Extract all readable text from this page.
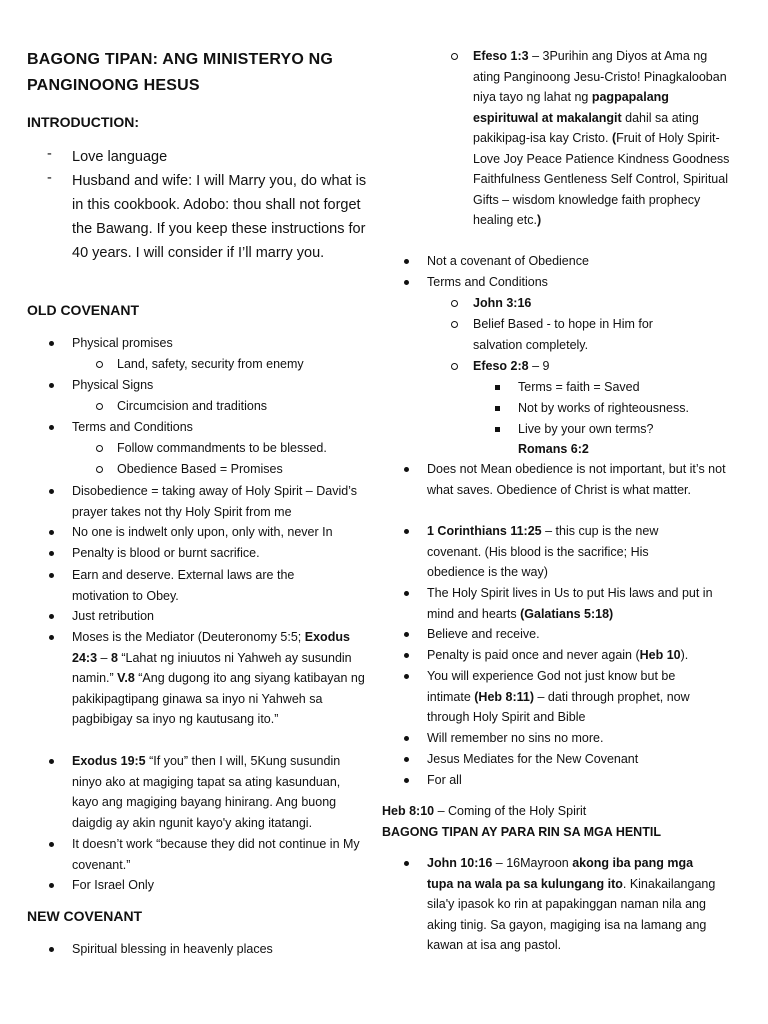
BAGONG TIPAN: ANG MINISTERYO NG PANGINOONG HESUS
INTRODUCTION:
- Love language
- Husband and wife: I will Marry you, do what is in this cookbook. Adobo: thou shall not forget the Bawang. If you keep these instructions for 40 years. I will consider if I’ll marry you.
OLD COVENANT
Physical promises
Land, safety, security from enemy
Physical Signs
Circumcision and traditions
Terms and Conditions
Follow commandments to be blessed.
Obedience Based = Promises
Disobedience = taking away of Holy Spirit – David’s prayer takes not thy Holy Spirit from me
No one is indwelt only upon, only with, never In
Penalty is blood or burnt sacrifice.
Earn and deserve. External laws are the motivation to Obey.
Just retribution
Moses is the Mediator (Deuteronomy 5:5; Exodus 24:3 – 8 “Lahat ng iniuutos ni Yahweh ay susundin namin.” V.8 “Ang dugong ito ang siyang katibayan ng pakikipagtipang ginawa sa inyo ni Yahweh sa pagbibigay sa inyo ng kautusang ito.”
Exodus 19:5 “If you” then I will, 5Kung susundin ninyo ako at magiging tapat sa ating kasunduan, kayo ang magiging bayang hinirang. Ang buong daigdig ay akin ngunit kayo'y aking itatangi.
It doesn’t work “because they did not continue in My covenant.”
For Israel Only
NEW COVENANT
Spiritual blessing in heavenly places
Efeso 1:3 – 3Purihin ang Diyos at Ama ng ating Panginoong Jesu-Cristo! Pinagkalooban niya tayo ng lahat ng pagpapalang espirituwal at makalangit dahil sa ating pakikipag-isa kay Cristo. (Fruit of Holy Spirit- Love Joy Peace Patience Kindness Goodness Faithfulness Gentleness Self Control, Spiritual Gifts – wisdom knowledge faith prophecy healing etc.)
Not a covenant of Obedience
Terms and Conditions
John 3:16
Belief Based - to hope in Him for salvation completely.
Efeso 2:8 – 9
Terms = faith = Saved
Not by works of righteousness.
Live by your own terms?
Romans 6:2
Does not Mean obedience is not important, but it’s not what saves. Obedience of Christ is what matter.
1 Corinthians 11:25 – this cup is the new covenant. (His blood is the sacrifice; His obedience is the way)
The Holy Spirit lives in Us to put His laws and put in mind and hearts (Galatians 5:18)
Believe and receive.
Penalty is paid once and never again (Heb 10).
You will experience God not just know but be intimate (Heb 8:11) – dati through prophet, now through Holy Spirit and Bible
Will remember no sins no more.
Jesus Mediates for the New Covenant
For all
Heb 8:10 – Coming of the Holy Spirit
BAGONG TIPAN AY PARA RIN SA MGA HENTIL
John 10:16 – 16Mayroon akong iba pang mga tupa na wala pa sa kulungang ito. Kinakailangang sila'y ipasok ko rin at papakinggan naman nila ang aking tinig. Sa gayon, magiging isa na lamang ang kawan at isa ang pastol.
